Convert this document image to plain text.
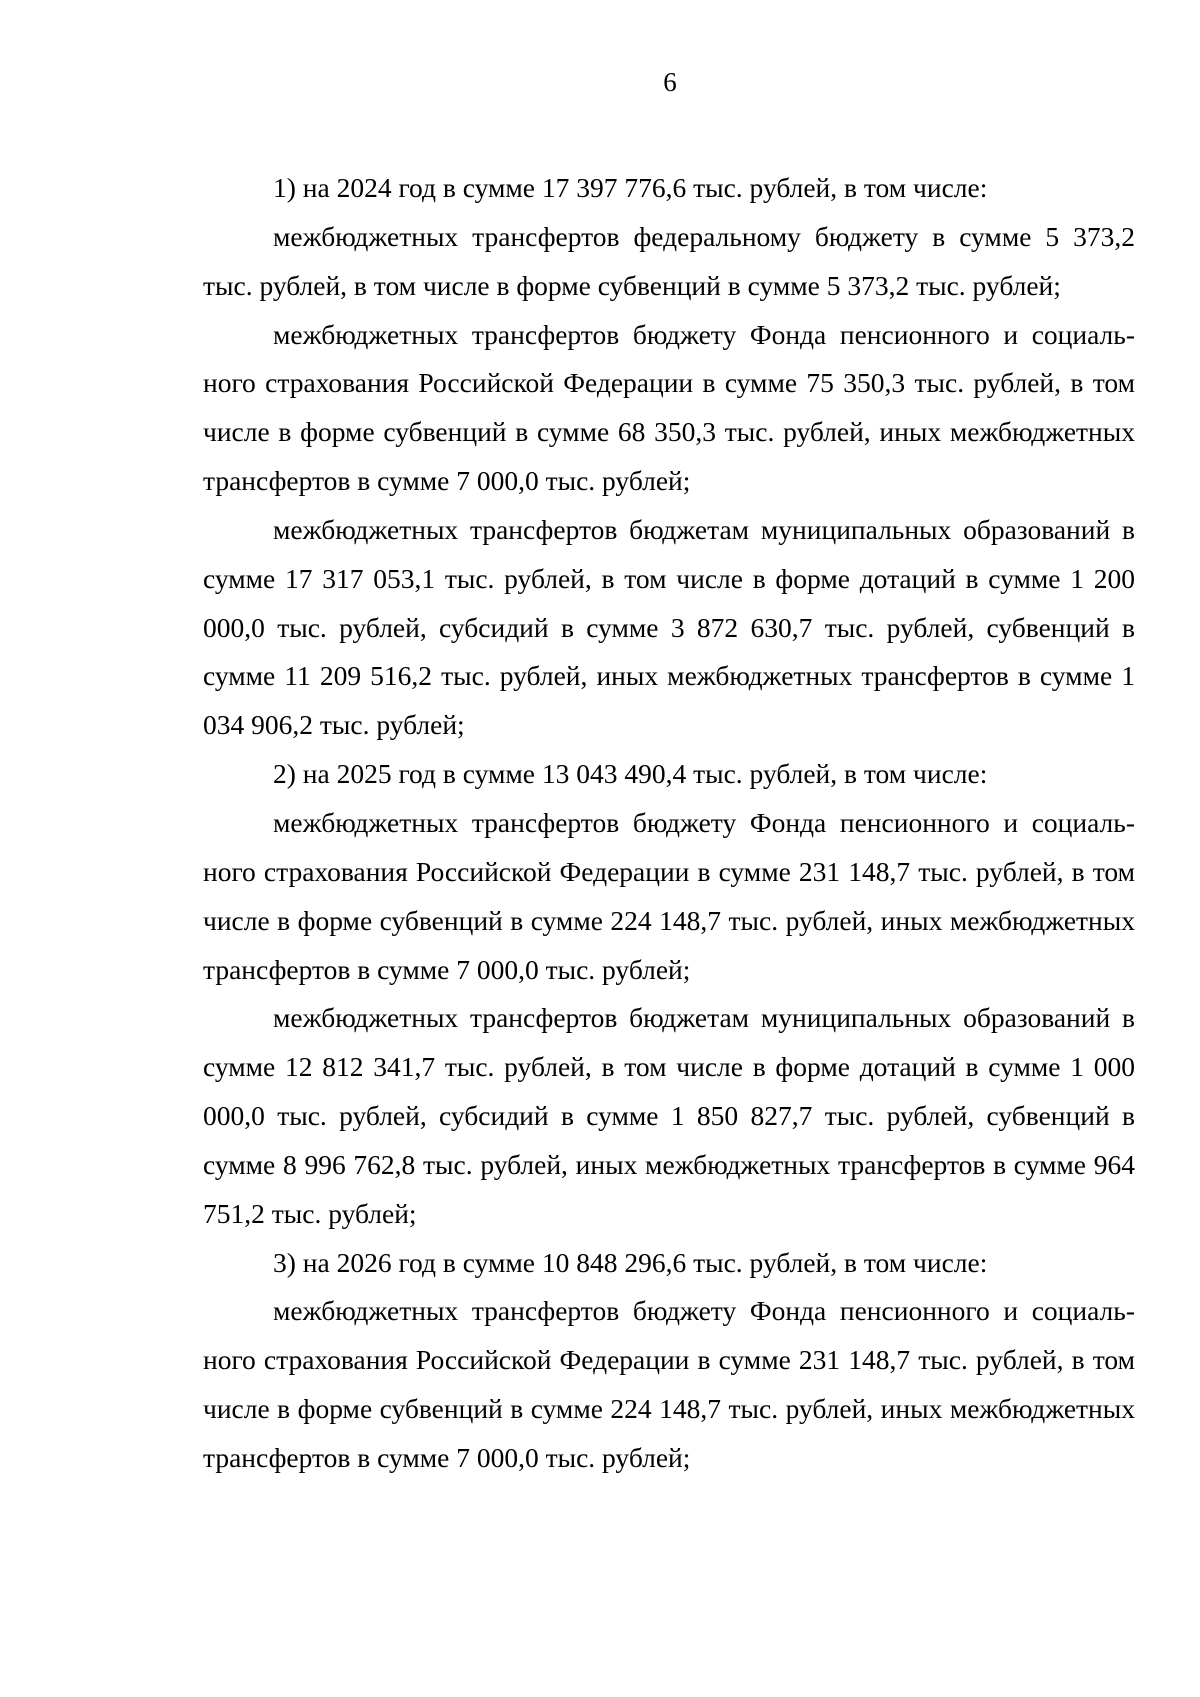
6

1) на 2024 год в сумме 17 397 776,6 тыс. рублей, в том числе:

межбюджетных трансфертов федеральному бюджету в сумме 5 373,2 тыс. рублей, в том числе в форме субвенций в сумме 5 373,2 тыс. рублей;

межбюджетных трансфертов бюджету Фонда пенсионного и социального страхования Российской Федерации в сумме 75 350,3 тыс. рублей, в том числе в форме субвенций в сумме 68 350,3 тыс. рублей, иных межбюджетных трансфертов в сумме 7 000,0 тыс. рублей;

межбюджетных трансфертов бюджетам муниципальных образований в сумме 17 317 053,1 тыс. рублей, в том числе в форме дотаций в сумме 1 200 000,0 тыс. рублей, субсидий в сумме 3 872 630,7 тыс. рублей, субвенций в сумме 11 209 516,2 тыс. рублей, иных межбюджетных трансфертов в сумме 1 034 906,2 тыс. рублей;

2) на 2025 год в сумме 13 043 490,4 тыс. рублей, в том числе:

межбюджетных трансфертов бюджету Фонда пенсионного и социального страхования Российской Федерации в сумме 231 148,7 тыс. рублей, в том числе в форме субвенций в сумме 224 148,7 тыс. рублей, иных межбюджетных трансфертов в сумме 7 000,0 тыс. рублей;

межбюджетных трансфертов бюджетам муниципальных образований в сумме 12 812 341,7 тыс. рублей, в том числе в форме дотаций в сумме 1 000 000,0 тыс. рублей, субсидий в сумме 1 850 827,7 тыс. рублей, субвенций в сумме 8 996 762,8 тыс. рублей, иных межбюджетных трансфертов в сумме 964 751,2 тыс. рублей;

3) на 2026 год в сумме 10 848 296,6 тыс. рублей, в том числе:

межбюджетных трансфертов бюджету Фонда пенсионного и социального страхования Российской Федерации в сумме 231 148,7 тыс. рублей, в том числе в форме субвенций в сумме 224 148,7 тыс. рублей, иных межбюджетных трансфертов в сумме 7 000,0 тыс. рублей;
